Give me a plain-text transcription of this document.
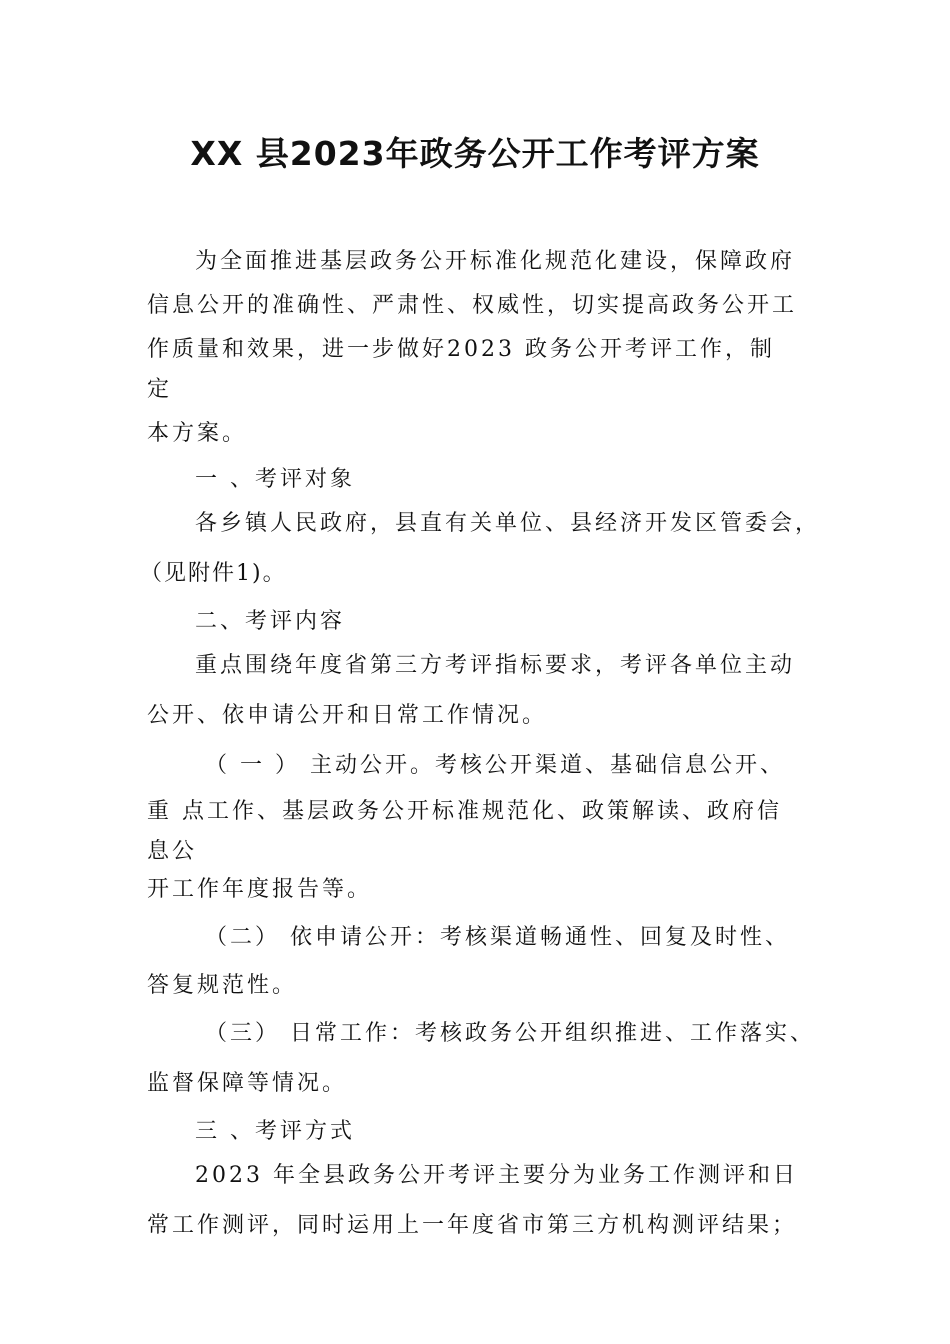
XX 县2023年政务公开工作考评方案
为全面推进基层政务公开标准化规范化建设，保障政府
信息公开的准确性、严肃性、权威性，切实提高政务公开工
作质量和效果，进一步做好2023 政务公开考评工作，制
定
本方案。
一 、考评对象
各乡镇人民政府，县直有关单位、县经济开发区管委会，
（见附件1)。
二、考评内容
重点围绕年度省第三方考评指标要求，考评各单位主动
公开、依申请公开和日常工作情况。
（ 一 ） 主动公开。考核公开渠道、基础信息公开、
重 点工作、基层政务公开标准规范化、政策解读、政府信
息公
开工作年度报告等。
（二） 依申请公开：考核渠道畅通性、回复及时性、
答复规范性。
（三） 日常工作：考核政务公开组织推进、工作落实、
监督保障等情况。
三 、考评方式
2023 年全县政务公开考评主要分为业务工作测评和日
常工作测评，同时运用上一年度省市第三方机构测评结果；
